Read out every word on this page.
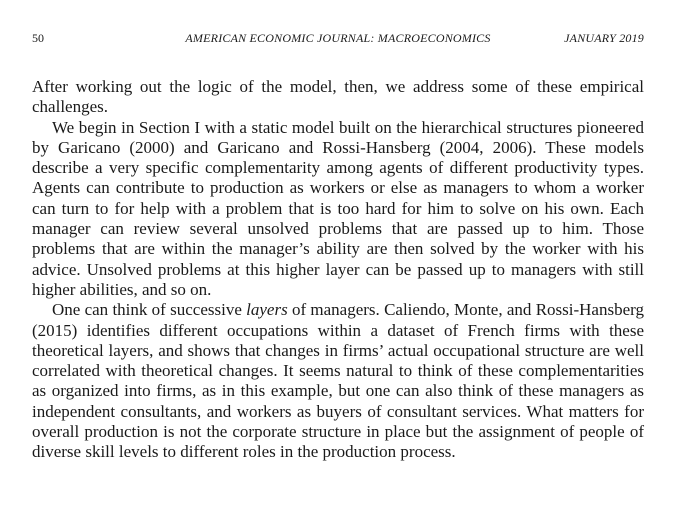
50	AMERICAN ECONOMIC JOURNAL: MACROECONOMICS	JANUARY 2019

After working out the logic of the model, then, we address some of these empirical challenges.

We begin in Section I with a static model built on the hierarchical structures pioneered by Garicano (2000) and Garicano and Rossi-Hansberg (2004, 2006). These models describe a very specific complementarity among agents of different productivity types. Agents can contribute to production as workers or else as managers to whom a worker can turn to for help with a problem that is too hard for him to solve on his own. Each manager can review several unsolved problems that are passed up to him. Those problems that are within the manager’s ability are then solved by the worker with his advice. Unsolved problems at this higher layer can be passed up to managers with still higher abilities, and so on.

One can think of successive layers of managers. Caliendo, Monte, and Rossi-Hansberg (2015) identifies different occupations within a dataset of French firms with these theoretical layers, and shows that changes in firms’ actual occupational structure are well correlated with theoretical changes. It seems natural to think of these complementarities as organized into firms, as in this example, but one can also think of these managers as independent consultants, and workers as buyers of consultant services. What matters for overall production is not the corporate structure in place but the assignment of people of diverse skill levels to different roles in the production process.
